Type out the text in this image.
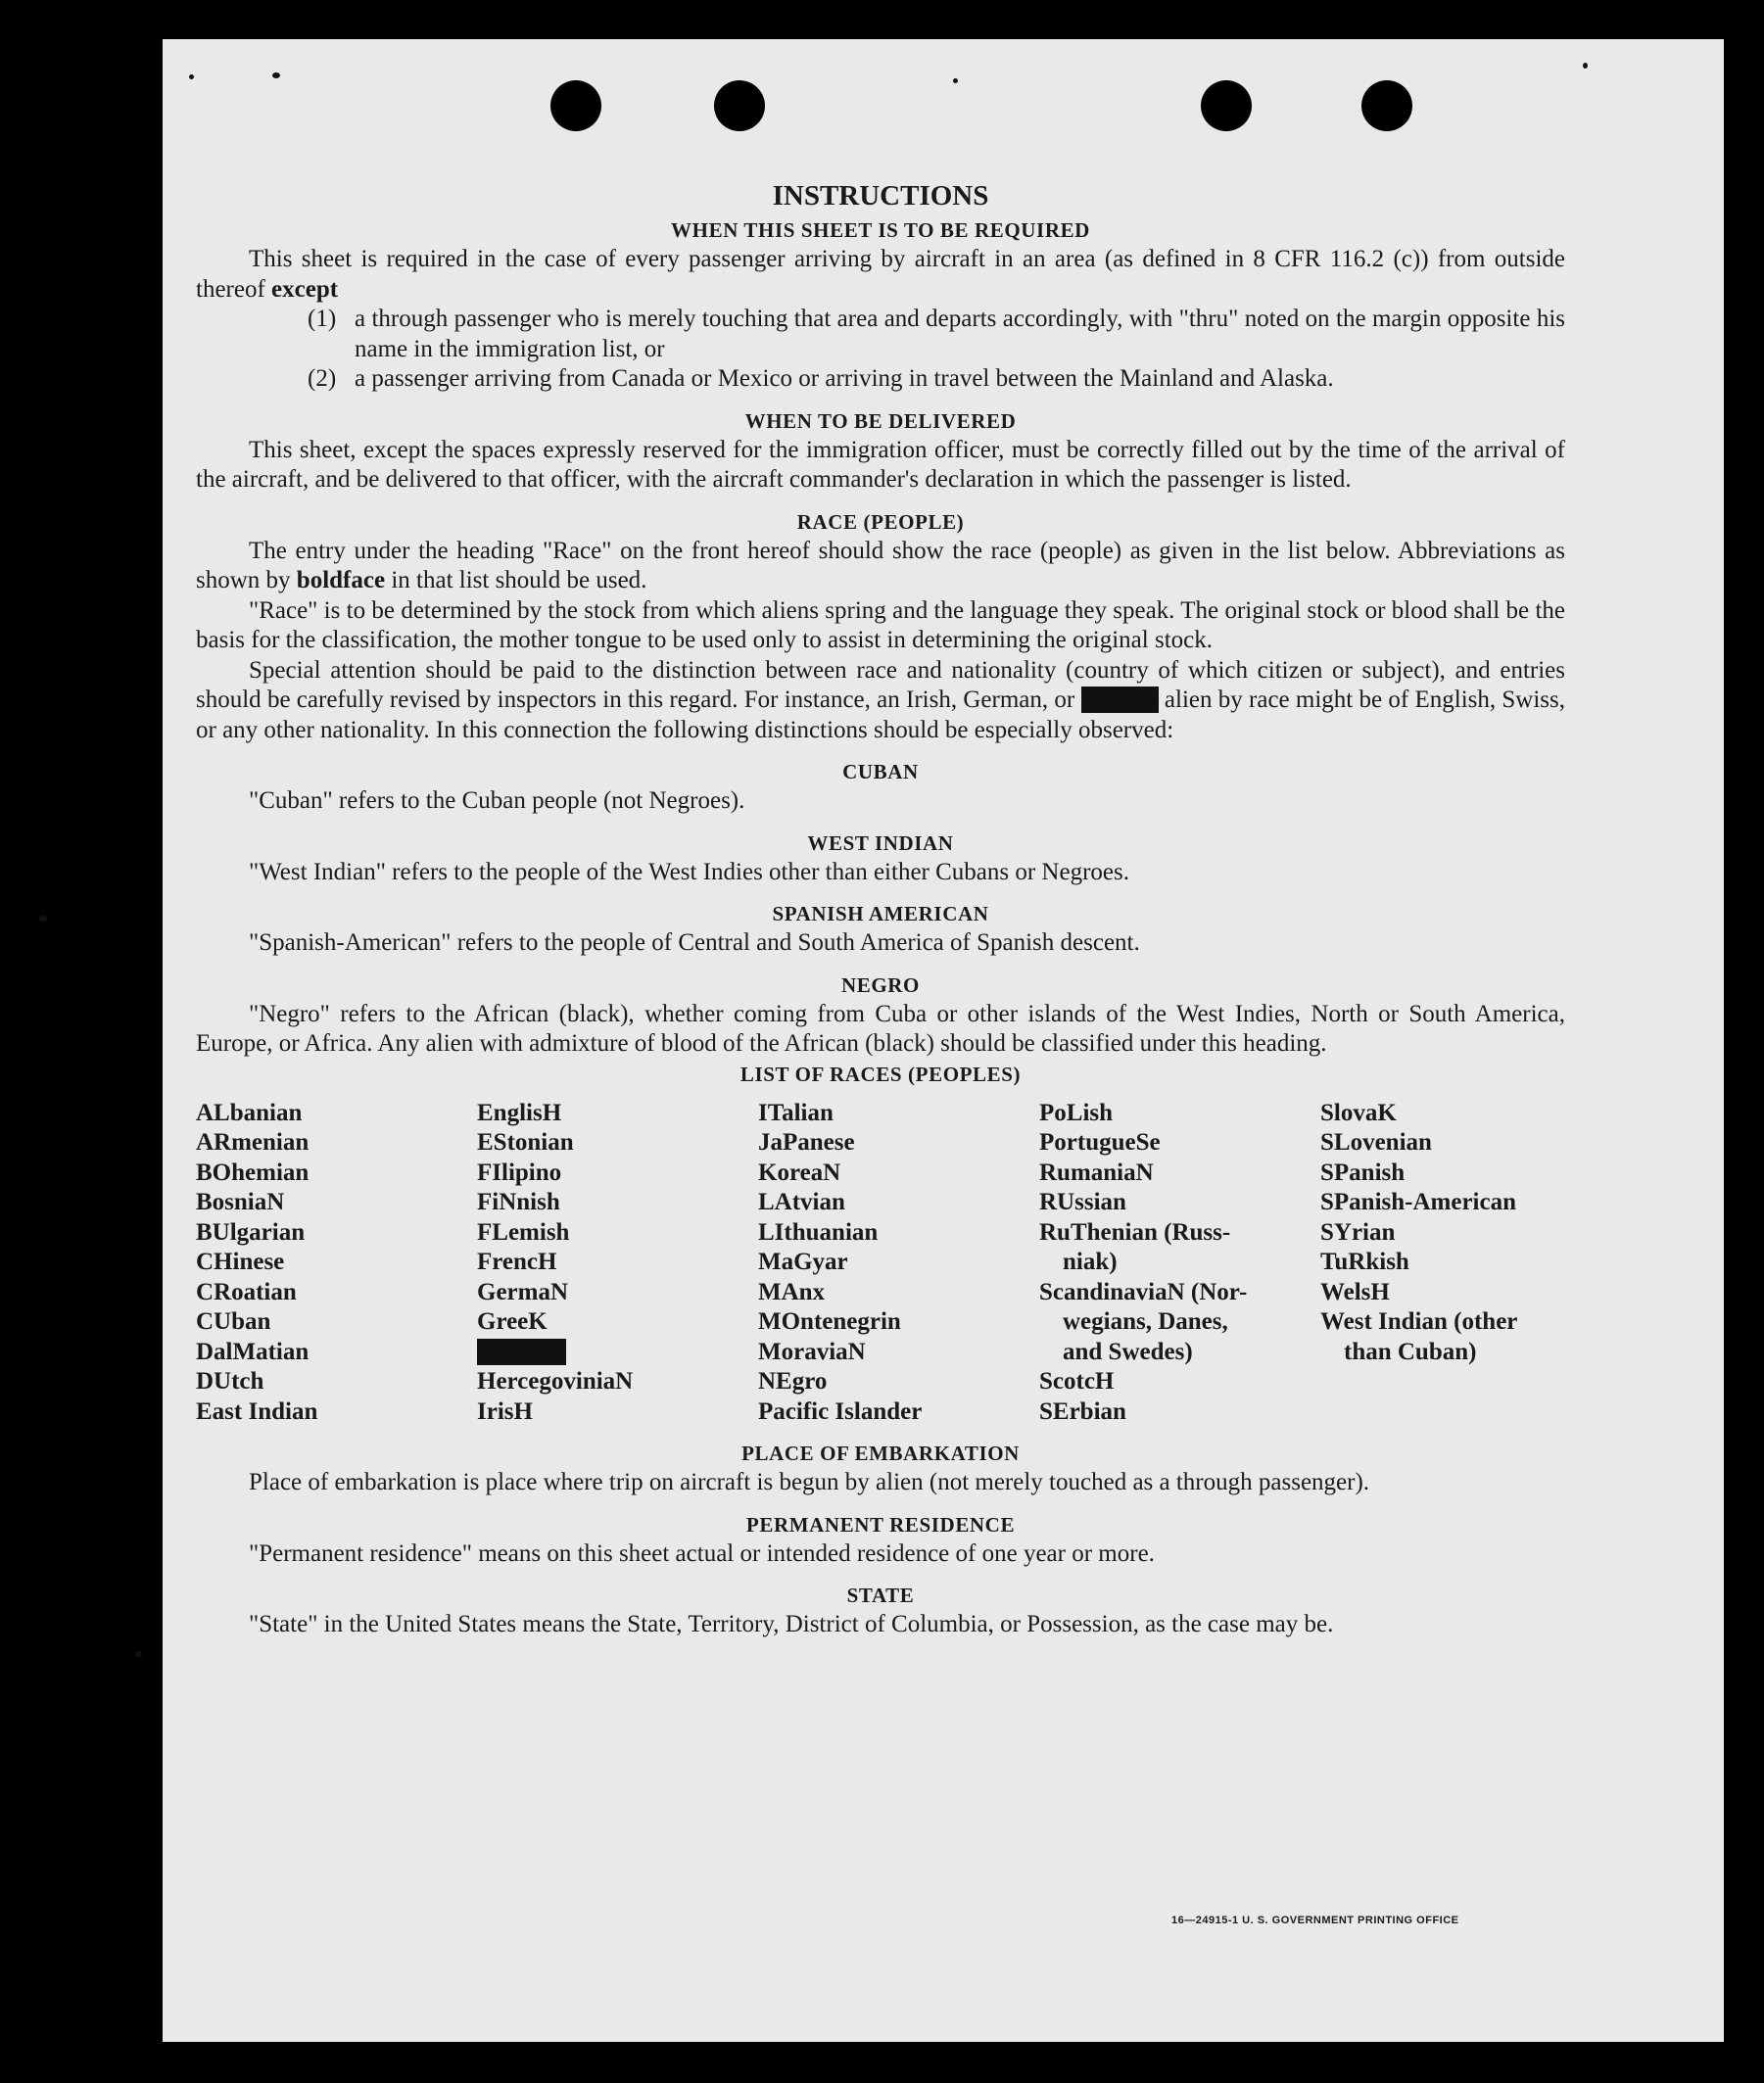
INSTRUCTIONS
WHEN THIS SHEET IS TO BE REQUIRED

This sheet is required in the case of every passenger arriving by aircraft in an area (as defined in 8 CFR 116.2 (c)) from outside thereof except

(1) a through passenger who is merely touching that area and departs accordingly, with "thru" noted on the margin opposite his name in the immigration list, or
(2) a passenger arriving from Canada or Mexico or arriving in travel between the Mainland and Alaska.
WHEN TO BE DELIVERED

This sheet, except the spaces expressly reserved for the immigration officer, must be correctly filled out by the time of the arrival of the aircraft, and be delivered to that officer, with the aircraft commander's declaration in which the passenger is listed.

RACE (PEOPLE)

The entry under the heading "Race" on the front hereof should show the race (people) as given in the list below. Abbreviations as shown by boldface in that list should be used.

"Race" is to be determined by the stock from which aliens spring and the language they speak. The original stock or blood shall be the basis for the classification, the mother tongue to be used only to assist in determining the original stock.

Special attention should be paid to the distinction between race and nationality (country of which citizen or subject), and entries should be carefully revised by inspectors in this regard. For instance, an Irish, German, or Hebrew alien by race might be of English, Swiss, or any other nationality. In this connection the following distinctions should be especially observed:

CUBAN

"Cuban" refers to the Cuban people (not Negroes).

WEST INDIAN

"West Indian" refers to the people of the West Indies other than either Cubans or Negroes.

SPANISH AMERICAN

"Spanish-American" refers to the people of Central and South America of Spanish descent.

NEGRO

"Negro" refers to the African (black), whether coming from Cuba or other islands of the West Indies, North or South America, Europe, or Africa. Any alien with admixture of blood of the African (black) should be classified under this heading.

LIST OF RACES (PEOPLES)
ALbanian
ARmenian
BOhemian
BosniaN
BUlgarian
CHinese
CRoatian
CUban
DalMatian
DUtch
East Indian
EnglisH
EStonian
FIlipino
FiNnish
FLemish
FrencH
GermaN
GreeK
HebreW
HercegoviniaN
IrisH
ITalian
JaPanese
KoreaN
LAtvian
LIthuanian
MaGyar
MAnx
MOntenegrin
MoraviaN
NEgro
Pacific Islander
PoLish
PortugueSe
RumaniaN
RUssian
RuThenian (Russ-
niak)
ScandinaviaN (Nor-
wegians, Danes,
and Swedes)
ScotcH
SErbian
SlovaK
SLovenian
SPanish
SPanish-American
SYrian
TuRkish
WelsH
West Indian (other
than Cuban)
PLACE OF EMBARKATION

Place of embarkation is place where trip on aircraft is begun by alien (not merely touched as a through passenger).

PERMANENT RESIDENCE

"Permanent residence" means on this sheet actual or intended residence of one year or more.

STATE

"State" in the United States means the State, Territory, District of Columbia, or Possession, as the case may be.

16—24915-1 U. S. GOVERNMENT PRINTING OFFICE
